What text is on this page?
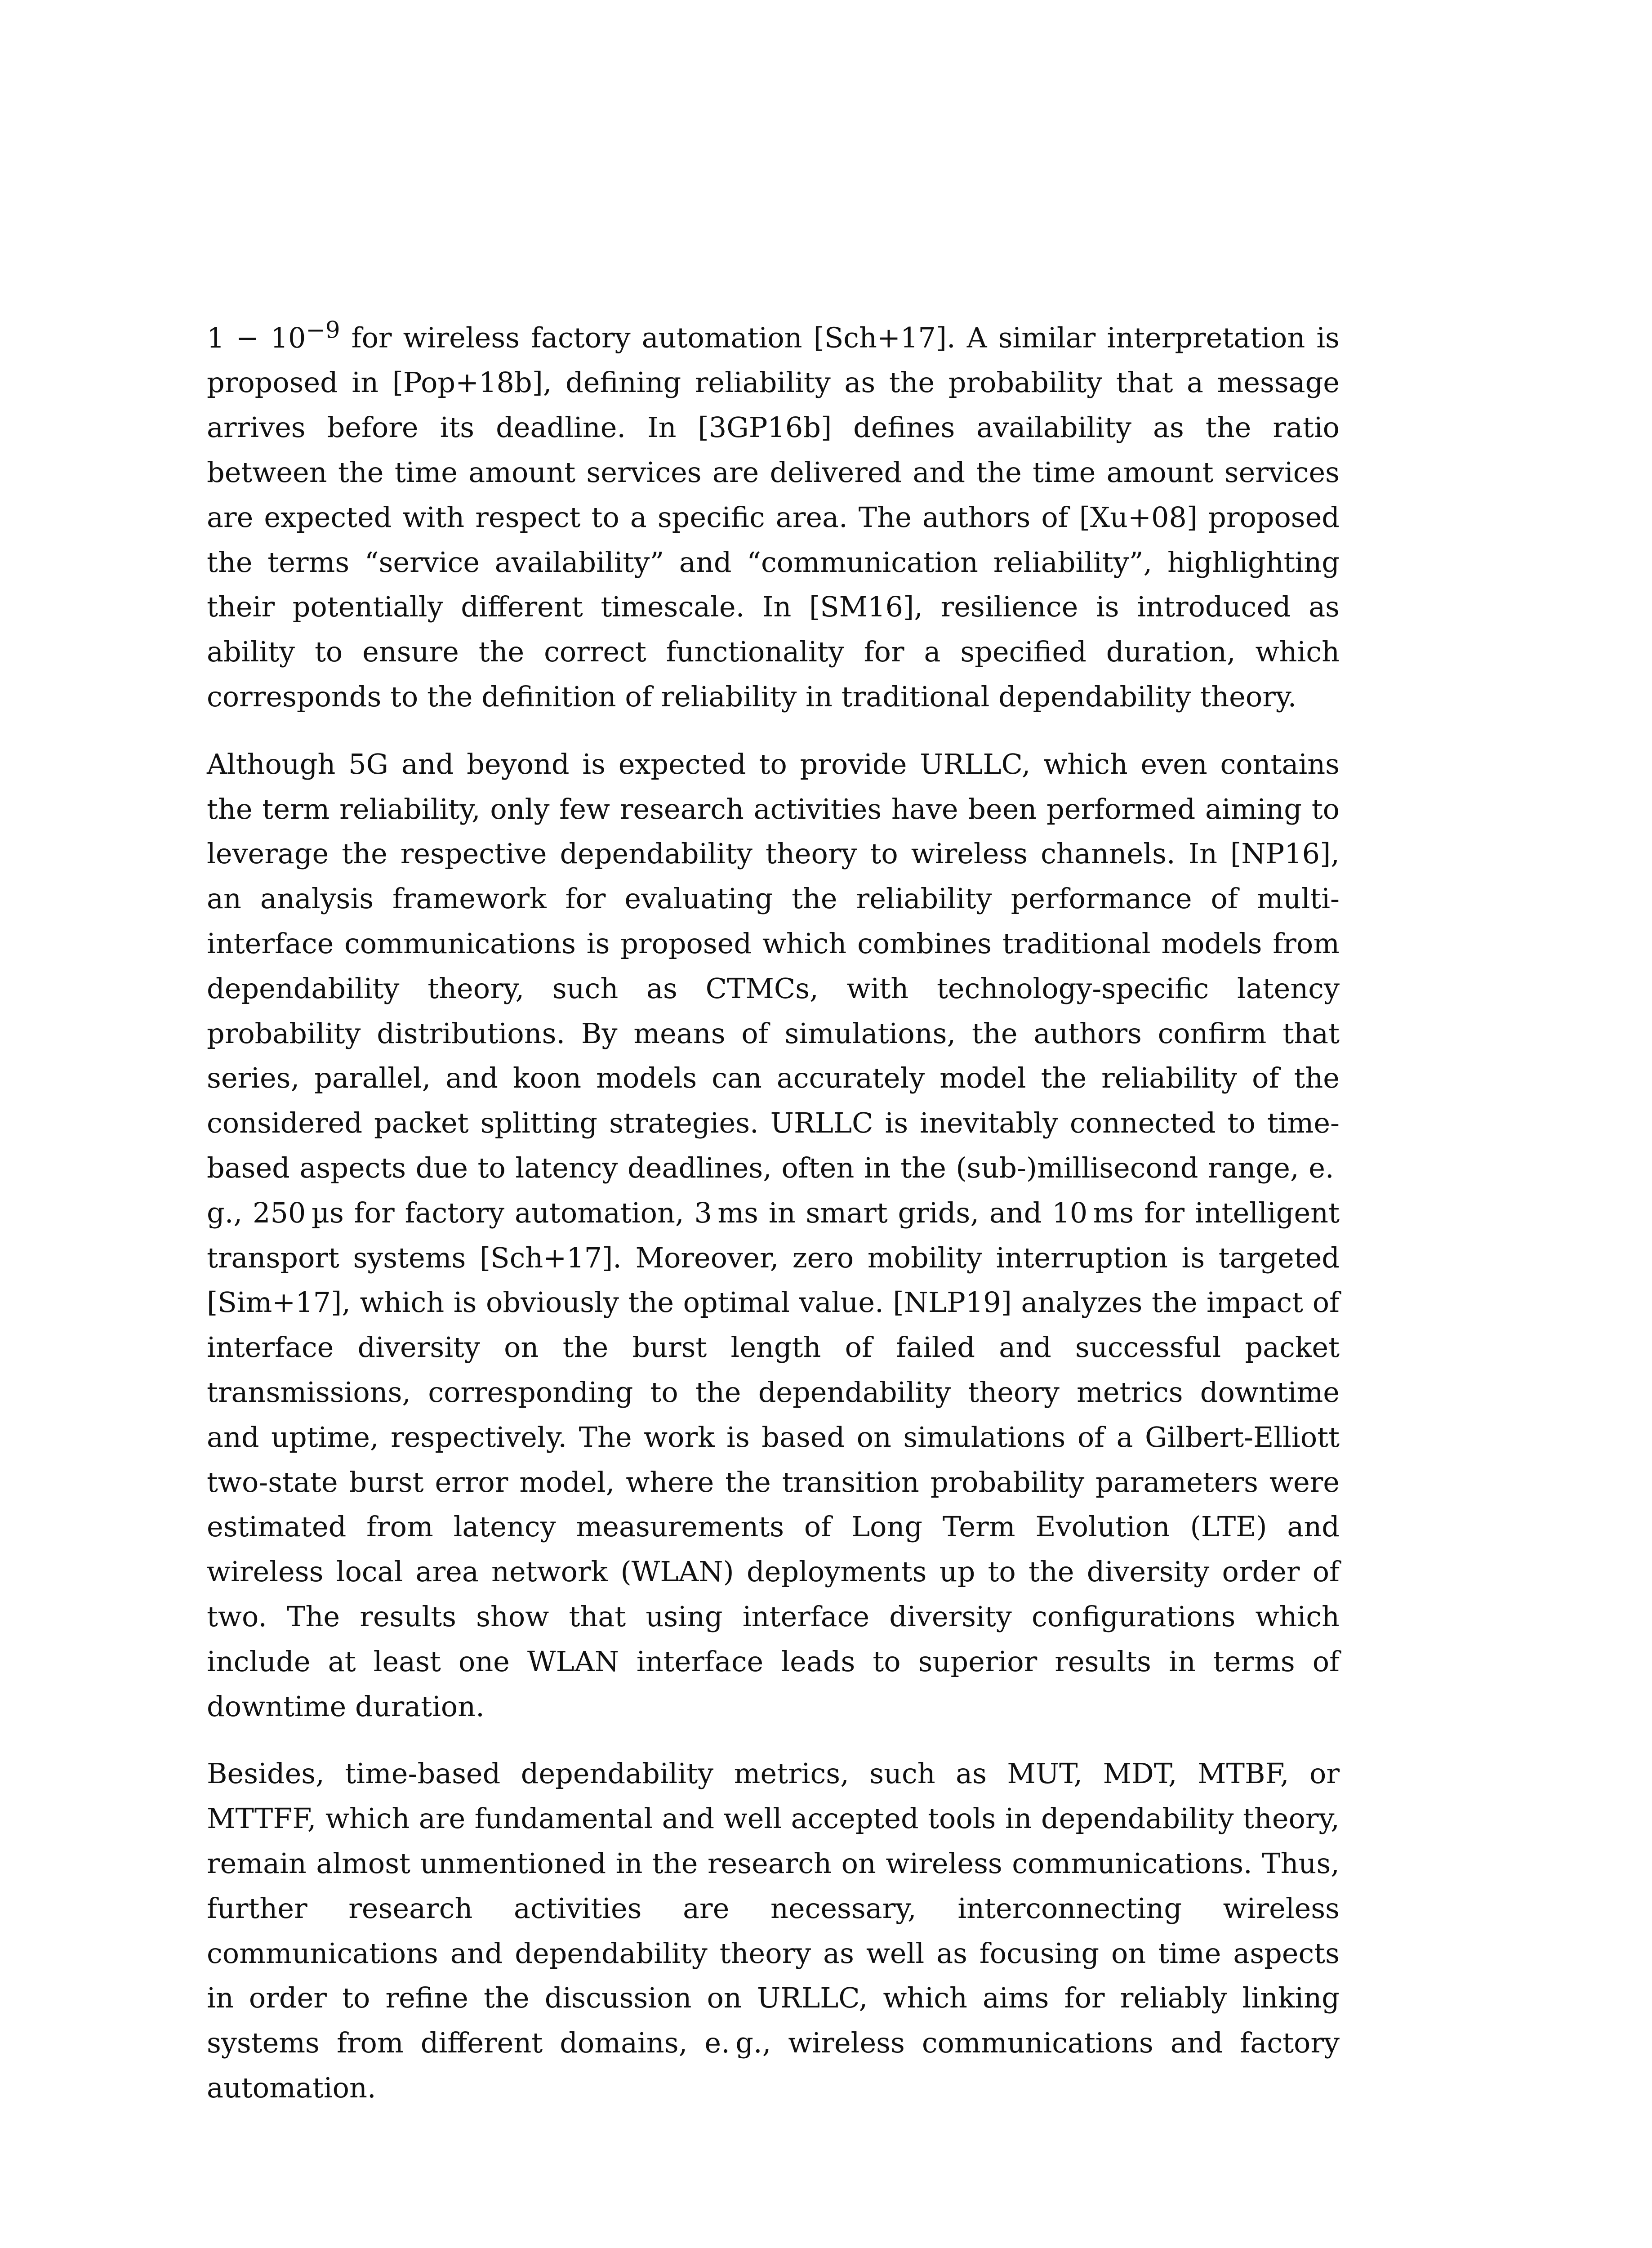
$1 - 10^{-9}$ for wireless factory automation [Sch+17]. A similar interpretation is proposed in [Pop+18b], defining reliability as the probability that a message arrives before its deadline. In [3GP16b] defines availability as the ratio between the time amount services are delivered and the time amount services are expected with respect to a specific area. The authors of [Xu+08] proposed the terms “service availability” and “communication reliability”, highlighting their potentially different timescale. In [SM16], resilience is introduced as ability to ensure the correct functionality for a specified duration, which corresponds to the definition of reliability in traditional dependability theory.

Although 5G and beyond is expected to provide URLLC, which even contains the term reliability, only few research activities have been performed aiming to leverage the respective dependability theory to wireless channels. In [NP16], an analysis framework for evaluating the reliability performance of multi-interface communications is proposed which combines traditional models from dependability theory, such as CTMCs, with technology-specific latency probability distributions. By means of simulations, the authors confirm that series, parallel, and koon models can accurately model the reliability of the considered packet splitting strategies. URLLC is inevitably connected to timebased aspects due to latency deadlines, often in the (sub-)millisecond range, e. g., 250 µs for factory automation, 3 ms in smart grids, and 10 ms for intelligent transport systems [Sch+17]. Moreover, zero mobility interruption is targeted [Sim+17], which is obviously the optimal value. [NLP19] analyzes the impact of interface diversity on the burst length of failed and successful packet transmissions, corresponding to the dependability theory metrics downtime and uptime, respectively. The work is based on simulations of a Gilbert-Elliott two-state burst error model, where the transition probability parameters were estimated from latency measurements of Long Term Evolution (LTE) and wireless local area network (WLAN) deployments up to the diversity order of two. The results show that using interface diversity configurations which include at least one WLAN interface leads to superior results in terms of downtime duration.

Besides, time-based dependability metrics, such as MUT, MDT, MTBF, or MTTFF, which are fundamental and well accepted tools in dependability theory, remain almost unmentioned in the research on wireless communications. Thus, further research activities are necessary, interconnecting wireless communications and dependability theory as well as focusing on time aspects in order to refine the discussion on URLLC, which aims for reliably linking systems from different domains, e. g., wireless communications and factory automation.
